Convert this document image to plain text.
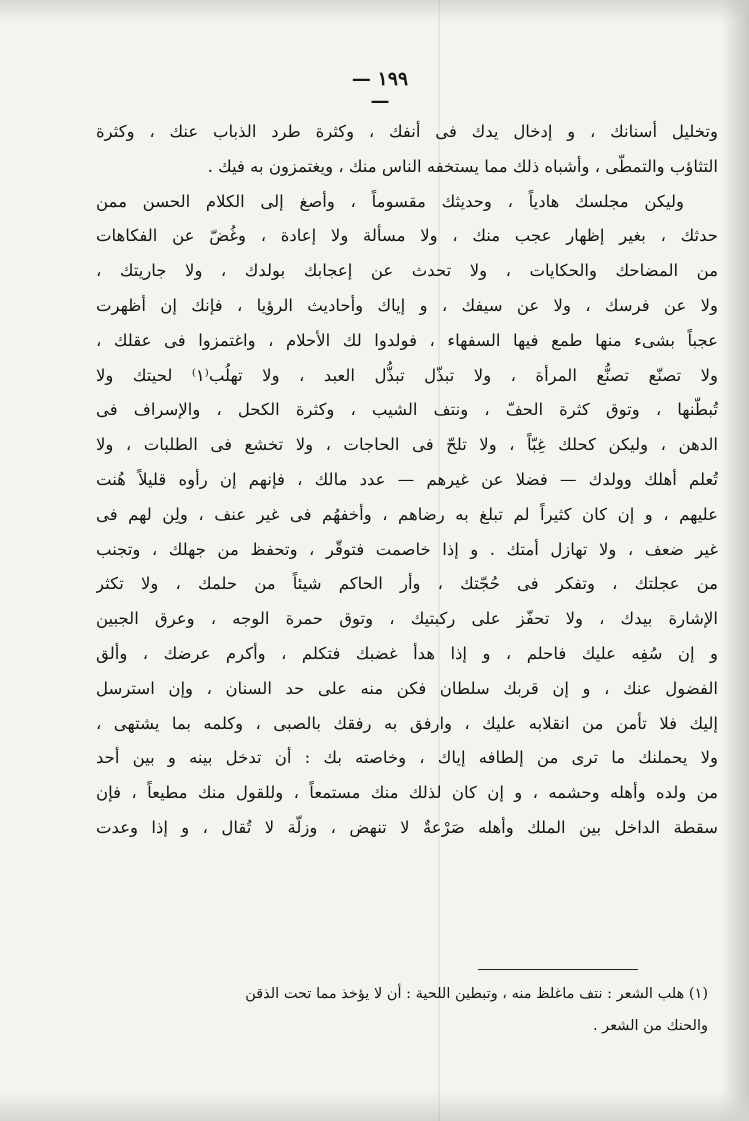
— ١٩٩ —
وتخليل أسنانك ، و إدخال يدك فى أنفك ، وكثرة طرد الذباب عنك ، وكثرة
التثاؤب والتمطّى ، وأشباه ذلك مما يستخفه الناس منك ، ويغتمزون به فيك .
وليكن مجلسك هادياً ، وحديثك مقسوماً ، وأصغ إلى الكلام الحسن ممن
حدثك ، بغير إظهار عجب منك ، ولا مسألة ولا إعادة ، وغُضّ عن الفكاهات
من المضاحك والحكايات ، ولا تحدث عن إعجابك بولدك ، ولا جاريتك ،
ولا عن فرسك ، ولا عن سيفك ، و إياك وأحاديث الرؤيا ، فإنك إن أظهرت
عجباً بشىء منها طمع فيها السفهاء ، فولدوا لك الأحلام ، واغتمزوا فى عقلك ،
ولا تصنّع تصنُّع المرأة ، ولا تبذّل تبذُّل العبد ، ولا تهلُب⁽١⁾ لحيتك ولا
تُبطّنها ، وتوق كثرة الحفّ ، ونتف الشيب ، وكثرة الكحل ، والإسراف فى
الدهن ، وليكن كحلك غِبّاً ، ولا تلحّ فى الحاجات ، ولا تخشع فى الطلبات ، ولا
تُعلم أهلك وولدك — فضلا عن غيرهم — عدد مالك ، فإنهم إن رأوه قليلاً هُنت
عليهم ، و إن كان كثيراً لم تبلغ به رضاهم ، وأخفهُم فى غير عنف ، ولِن لهم فى
غير ضعف ، ولا تهازل أمتك . و إذا خاصمت فتوقّر ، وتحفظ من جهلك ، وتجنب
من عجلتك ، وتفكر فى حُجّتك ، وأر الحاكم شيئاً من حلمك ، ولا تكثر
الإشارة بيدك ، ولا تحفّز على ركبتيك ، وتوق حمرة الوجه ، وعرق الجبين
و إن سُفِه عليك فاحلم ، و إذا هدأ غضبك فتكلم ، وأكرم عرضك ، وألق
الفضول عنك ، و إن قربك سلطان فكن منه على حد السنان ، وإن استرسل
إليك فلا تأمن من انقلابه عليك ، وارفق به رفقك بالصبى ، وكلمه بما يشتهى ،
ولا يحملنك ما ترى من إلطافه إياك ، وخاصته بك : أن تدخل بينه و بين أحد
من ولده وأهله وحشمه ، و إن كان لذلك منك مستمعاً ، وللقول منك مطيعاً ، فإن
سقطة الداخل بين الملك وأهله صَرْعةٌ لا تنهض ، وزلّة لا تُقال ، و إذا وعدت
(١) هلب الشعر : نتف ماغلظ منه ، وتبطين اللحية : أن لا يؤخذ مما تحت الذقن
والحنك من الشعر .
